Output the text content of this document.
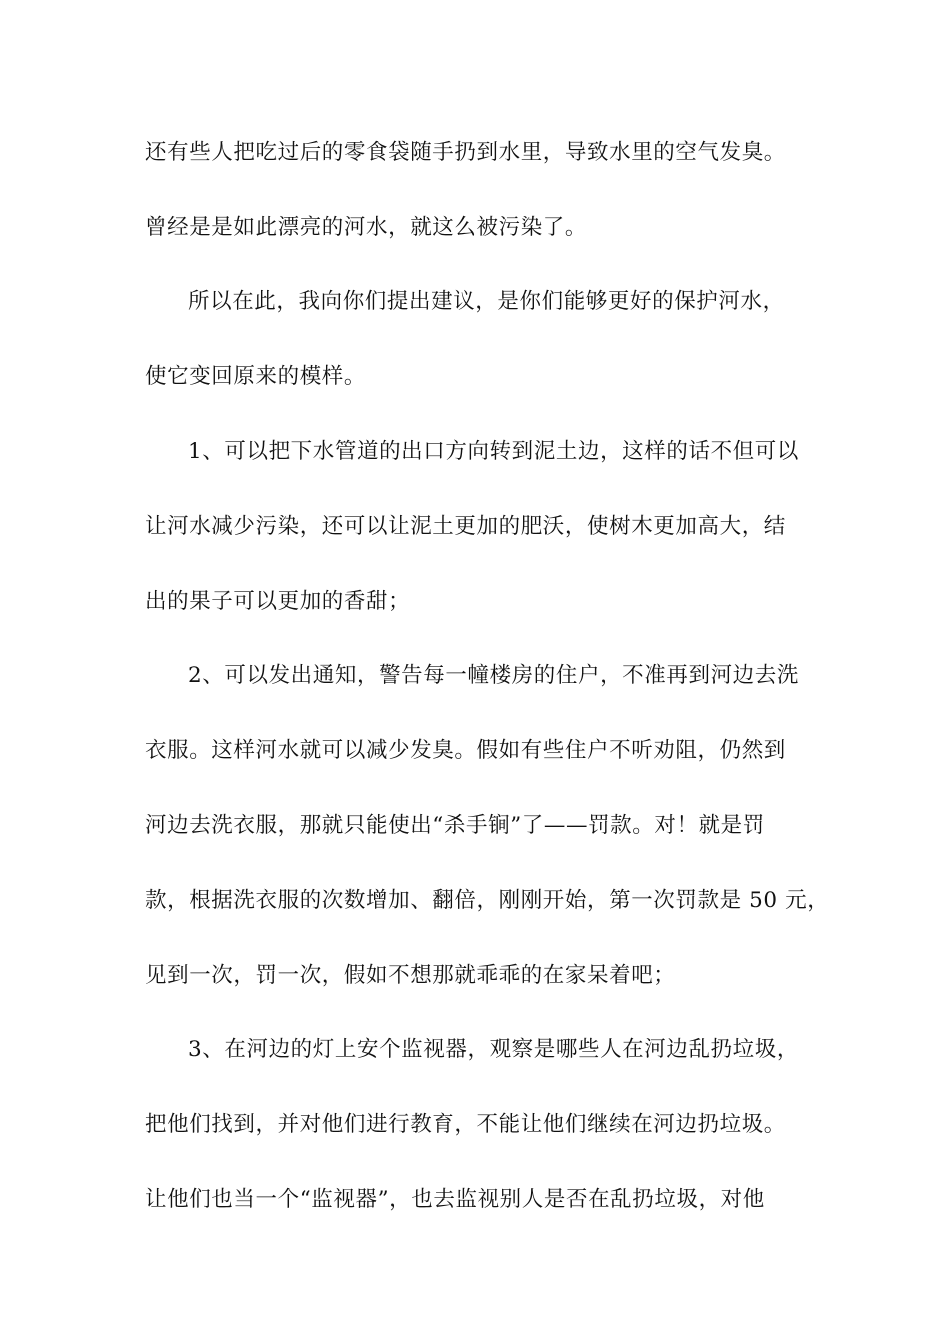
还有些人把吃过后的零食袋随手扔到水里，导致水里的空气发臭。
曾经是是如此漂亮的河水，就这么被污染了。
所以在此，我向你们提出建议，是你们能够更好的保护河水，
使它变回原来的模样。
1、可以把下水管道的出口方向转到泥土边，这样的话不但可以
让河水减少污染，还可以让泥土更加的肥沃，使树木更加高大，结
出的果子可以更加的香甜；
2、可以发出通知，警告每一幢楼房的住户，不准再到河边去洗
衣服。这样河水就可以减少发臭。假如有些住户不听劝阻，仍然到
河边去洗衣服，那就只能使出“杀手锏”了——罚款。对！就是罚
款，根据洗衣服的次数增加、翻倍，刚刚开始，第一次罚款是 50 元，
见到一次，罚一次，假如不想那就乖乖的在家呆着吧；
3、在河边的灯上安个监视器，观察是哪些人在河边乱扔垃圾，
把他们找到，并对他们进行教育，不能让他们继续在河边扔垃圾。
让他们也当一个“监视器”，也去监视别人是否在乱扔垃圾，对他
